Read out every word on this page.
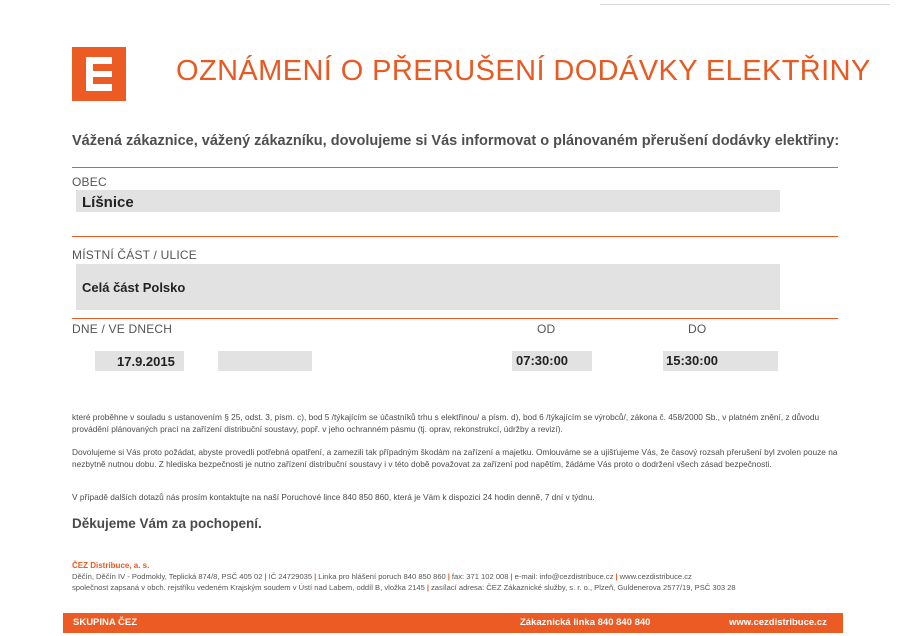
OZNÁMENÍ O PŘERUŠENÍ DODÁVKY ELEKTŘINY
Vážená zákaznice, vážený zákazníku, dovolujeme si Vás informovat o plánovaném přerušení dodávky elektřiny:
OBEC
Líšnice
MÍSTNÍ ČÁST / ULICE
Celá část Polsko
DNE / VE DNECH	OD	DO
17.9.2015	07:30:00	15:30:00

které proběhne v souladu s ustanovením § 25, odst. 3, písm. c), bod 5 /týkajícím se účastníků trhu s elektřinou/ a písm. d), bod 6 /týkajícím se výrobců/, zákona č. 458/2000 Sb., v platném znění, z důvodu provádění plánovaných prací na zařízení distribuční soustavy, popř. v jeho ochranném pásmu (tj. oprav, rekonstrukcí, údržby a revizí).

Dovolujeme si Vás proto požádat, abyste provedli potřebná opatření, a zamezili tak případným škodám na zařízení a majetku. Omlouváme se a ujišťujeme Vás, že časový rozsah přerušení byl zvolen pouze na nezbytně nutnou dobu. Z hlediska bezpečnosti je nutno zařízení distribuční soustavy i v této době považovat za zařízení pod napětím, žádáme Vás proto o dodržení všech zásad bezpečnosti.

V případě dalších dotazů nás prosím kontaktujte na naší Poruchové lince 840 850 860, která je Vám k dispozici 24 hodin denně, 7 dní v týdnu.

Děkujeme Vám za pochopení.
ČEZ Distribuce, a. s.
Děčín, Děčín IV - Podmokly, Teplická 874/8, PSČ 405 02 | IČ 24729035 | Linka pro hlášení poruch 840 850 860 | fax: 371 102 008 | e-mail: info@cezdistribuce.cz | www.cezdistribuce.cz
společnost zapsaná v obch. rejstříku vedeném Krajským soudem v Ústí nad Labem, oddíl B, vložka 2145 | zasílací adresa: ČEZ Zákaznické služby, s. r. o., Plzeň, Guldenerova 2577/19, PSČ 303 28
SKUPINA ČEZ	Zákaznická linka 840 840 840	www.cezdistribuce.cz
